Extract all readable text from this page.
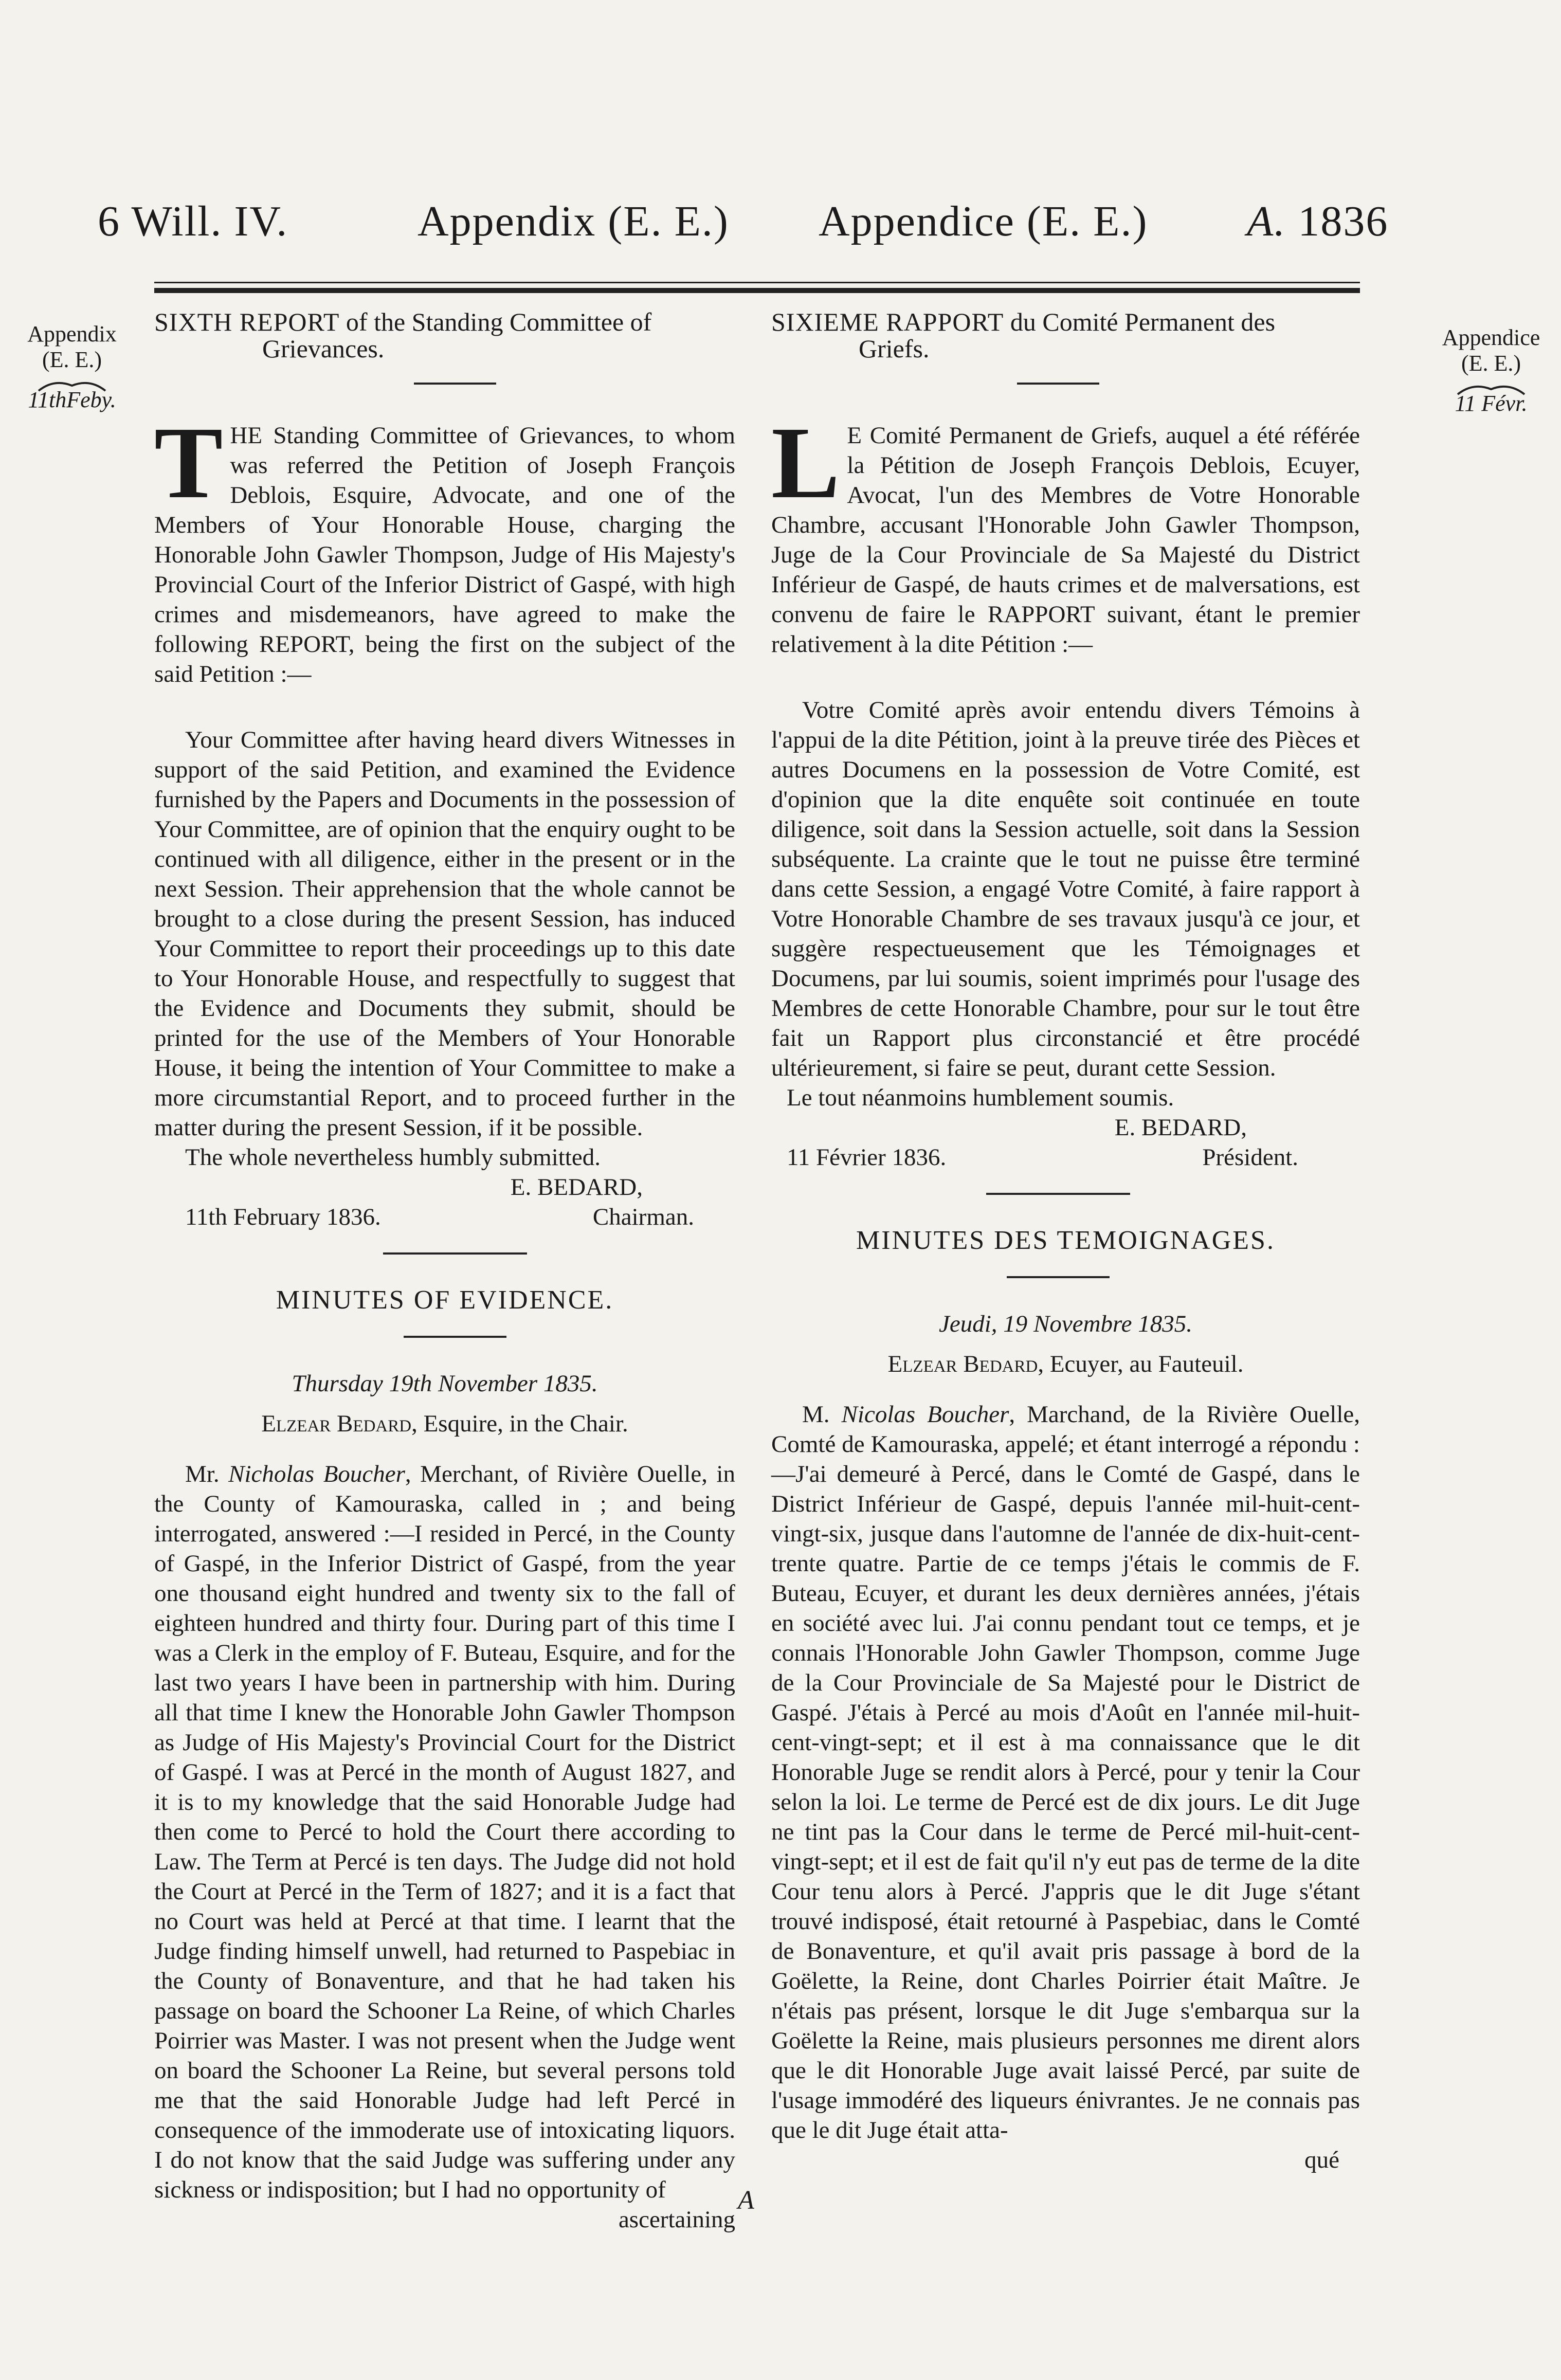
6 Will. IV.	Appendix (E. E.) Appendice (E. E.) A. 1836
Appendix
(E. E.)
11thFeby.
Appendice
(E. E.)
11 Févr.
SIXTH REPORT of the Standing Committee of
Grievances.

THE Standing Committee of Grievances, to whom was referred the Petition of Joseph François Deblois, Esquire, Advocate, and one of the Members of Your Honorable House, charging the Honorable John Gawler Thompson, Judge of His Majesty's Provincial Court of the Inferior District of Gaspé, with high crimes and misdemeanors, have agreed to make the following REPORT, being the first on the subject of the said Petition :—

Your Committee after having heard divers Witnesses in support of the said Petition, and examined the Evidence furnished by the Papers and Documents in the possession of Your Committee, are of opinion that the enquiry ought to be continued with all diligence, either in the present or in the next Session. Their apprehension that the whole cannot be brought to a close during the present Session, has induced Your Committee to report their proceedings up to this date to Your Honorable House, and respectfully to suggest that the Evidence and Documents they submit, should be printed for the use of the Members of Your Honorable House, it being the intention of Your Committee to make a more circumstantial Report, and to proceed further in the matter during the present Session, if it be possible.

The whole nevertheless humbly submitted.

E. BEDARD,

Chairman.

11th February 1836.

MINUTES OF EVIDENCE.

Thursday 19th November 1835.

Elzear Bedard, Esquire, in the Chair.

Mr. Nicholas Boucher, Merchant, of Rivière Ouelle, in the County of Kamouraska, called in ; and being interrogated, answered :—I resided in Percé, in the County of Gaspé, in the Inferior District of Gaspé, from the year one thousand eight hundred and twenty six to the fall of eighteen hundred and thirty four. During part of this time I was a Clerk in the employ of F. Buteau, Esquire, and for the last two years I have been in partnership with him. During all that time I knew the Honorable John Gawler Thompson as Judge of His Majesty's Provincial Court for the District of Gaspé. I was at Percé in the month of August 1827, and it is to my knowledge that the said Honorable Judge had then come to Percé to hold the Court there according to Law. The Term at Percé is ten days. The Judge did not hold the Court at Percé in the Term of 1827; and it is a fact that no Court was held at Percé at that time. I learnt that the Judge finding himself unwell, had returned to Paspebiac in the County of Bonaventure, and that he had taken his passage on board the Schooner La Reine, of which Charles Poirrier was Master. I was not present when the Judge went on board the Schooner La Reine, but several persons told me that the said Honorable Judge had left Percé in consequence of the immoderate use of intoxicating liquors. I do not know that the said Judge was suffering under any sickness or indisposition; but I had no opportunity of

ascertaining

SIXIEME RAPPORT du Comité Permanent des
Griefs.

L E Comité Permanent de Griefs, auquel a été référée la Pétition de Joseph François Deblois, Ecuyer, Avocat, l'un des Membres de Votre Honorable Chambre, accusant l'Honorable John Gawler Thompson, Juge de la Cour Provinciale de Sa Majesté du District Inférieur de Gaspé, de hauts crimes et de malversations, est convenu de faire le RAPPORT suivant, étant le premier relativement à la dite Pétition :—

Votre Comité après avoir entendu divers Témoins à l'appui de la dite Pétition, joint à la preuve tirée des Pièces et autres Documens en la possession de Votre Comité, est d'opinion que la dite enquête soit continuée en toute diligence, soit dans la Session actuelle, soit dans la Session subséquente. La crainte que le tout ne puisse être terminé dans cette Session, a engagé Votre Comité, à faire rapport à Votre Honorable Chambre de ses travaux jusqu'à ce jour, et suggère respectueusement que les Témoignages et Documens, par lui soumis, soient imprimés pour l'usage des Membres de cette Honorable Chambre, pour sur le tout être fait un Rapport plus circonstancié et être procédé ultérieurement, si faire se peut, durant cette Session.

Le tout néanmoins humblement soumis.

E. BEDARD,

Président.

11 Février 1836.

MINUTES DES TEMOIGNAGES.

Jeudi, 19 Novembre 1835.

Elzear Bedard, Ecuyer, au Fauteuil.

M. Nicolas Boucher, Marchand, de la Rivière Ouelle, Comté de Kamouraska, appelé; et étant interrogé a répondu :—J'ai demeuré à Percé, dans le Comté de Gaspé, dans le District Inférieur de Gaspé, depuis l'année mil-huit-cent-vingt-six, jusque dans l'automne de l'année de dix-huit-cent-trente quatre. Partie de ce temps j'étais le commis de F. Buteau, Ecuyer, et durant les deux dernières années, j'étais en société avec lui. J'ai connu pendant tout ce temps, et je connais l'Honorable John Gawler Thompson, comme Juge de la Cour Provinciale de Sa Majesté pour le District de Gaspé. J'étais à Percé au mois d'Août en l'année mil-huit-cent-vingt-sept; et il est à ma connaissance que le dit Honorable Juge se rendit alors à Percé, pour y tenir la Cour selon la loi. Le terme de Percé est de dix jours. Le dit Juge ne tint pas la Cour dans le terme de Percé mil-huit-cent-vingt-sept; et il est de fait qu'il n'y eut pas de terme de la dite Cour tenu alors à Percé. J'appris que le dit Juge s'étant trouvé indisposé, était retourné à Paspebiac, dans le Comté de Bonaventure, et qu'il avait pris passage à bord de la Goëlette, la Reine, dont Charles Poirrier était Maître. Je n'étais pas présent, lorsque le dit Juge s'embarqua sur la Goëlette la Reine, mais plusieurs personnes me dirent alors que le dit Honorable Juge avait laissé Percé, par suite de l'usage immodéré des liqueurs énivrantes. Je ne connais pas que le dit Juge était atta-

qué

A
